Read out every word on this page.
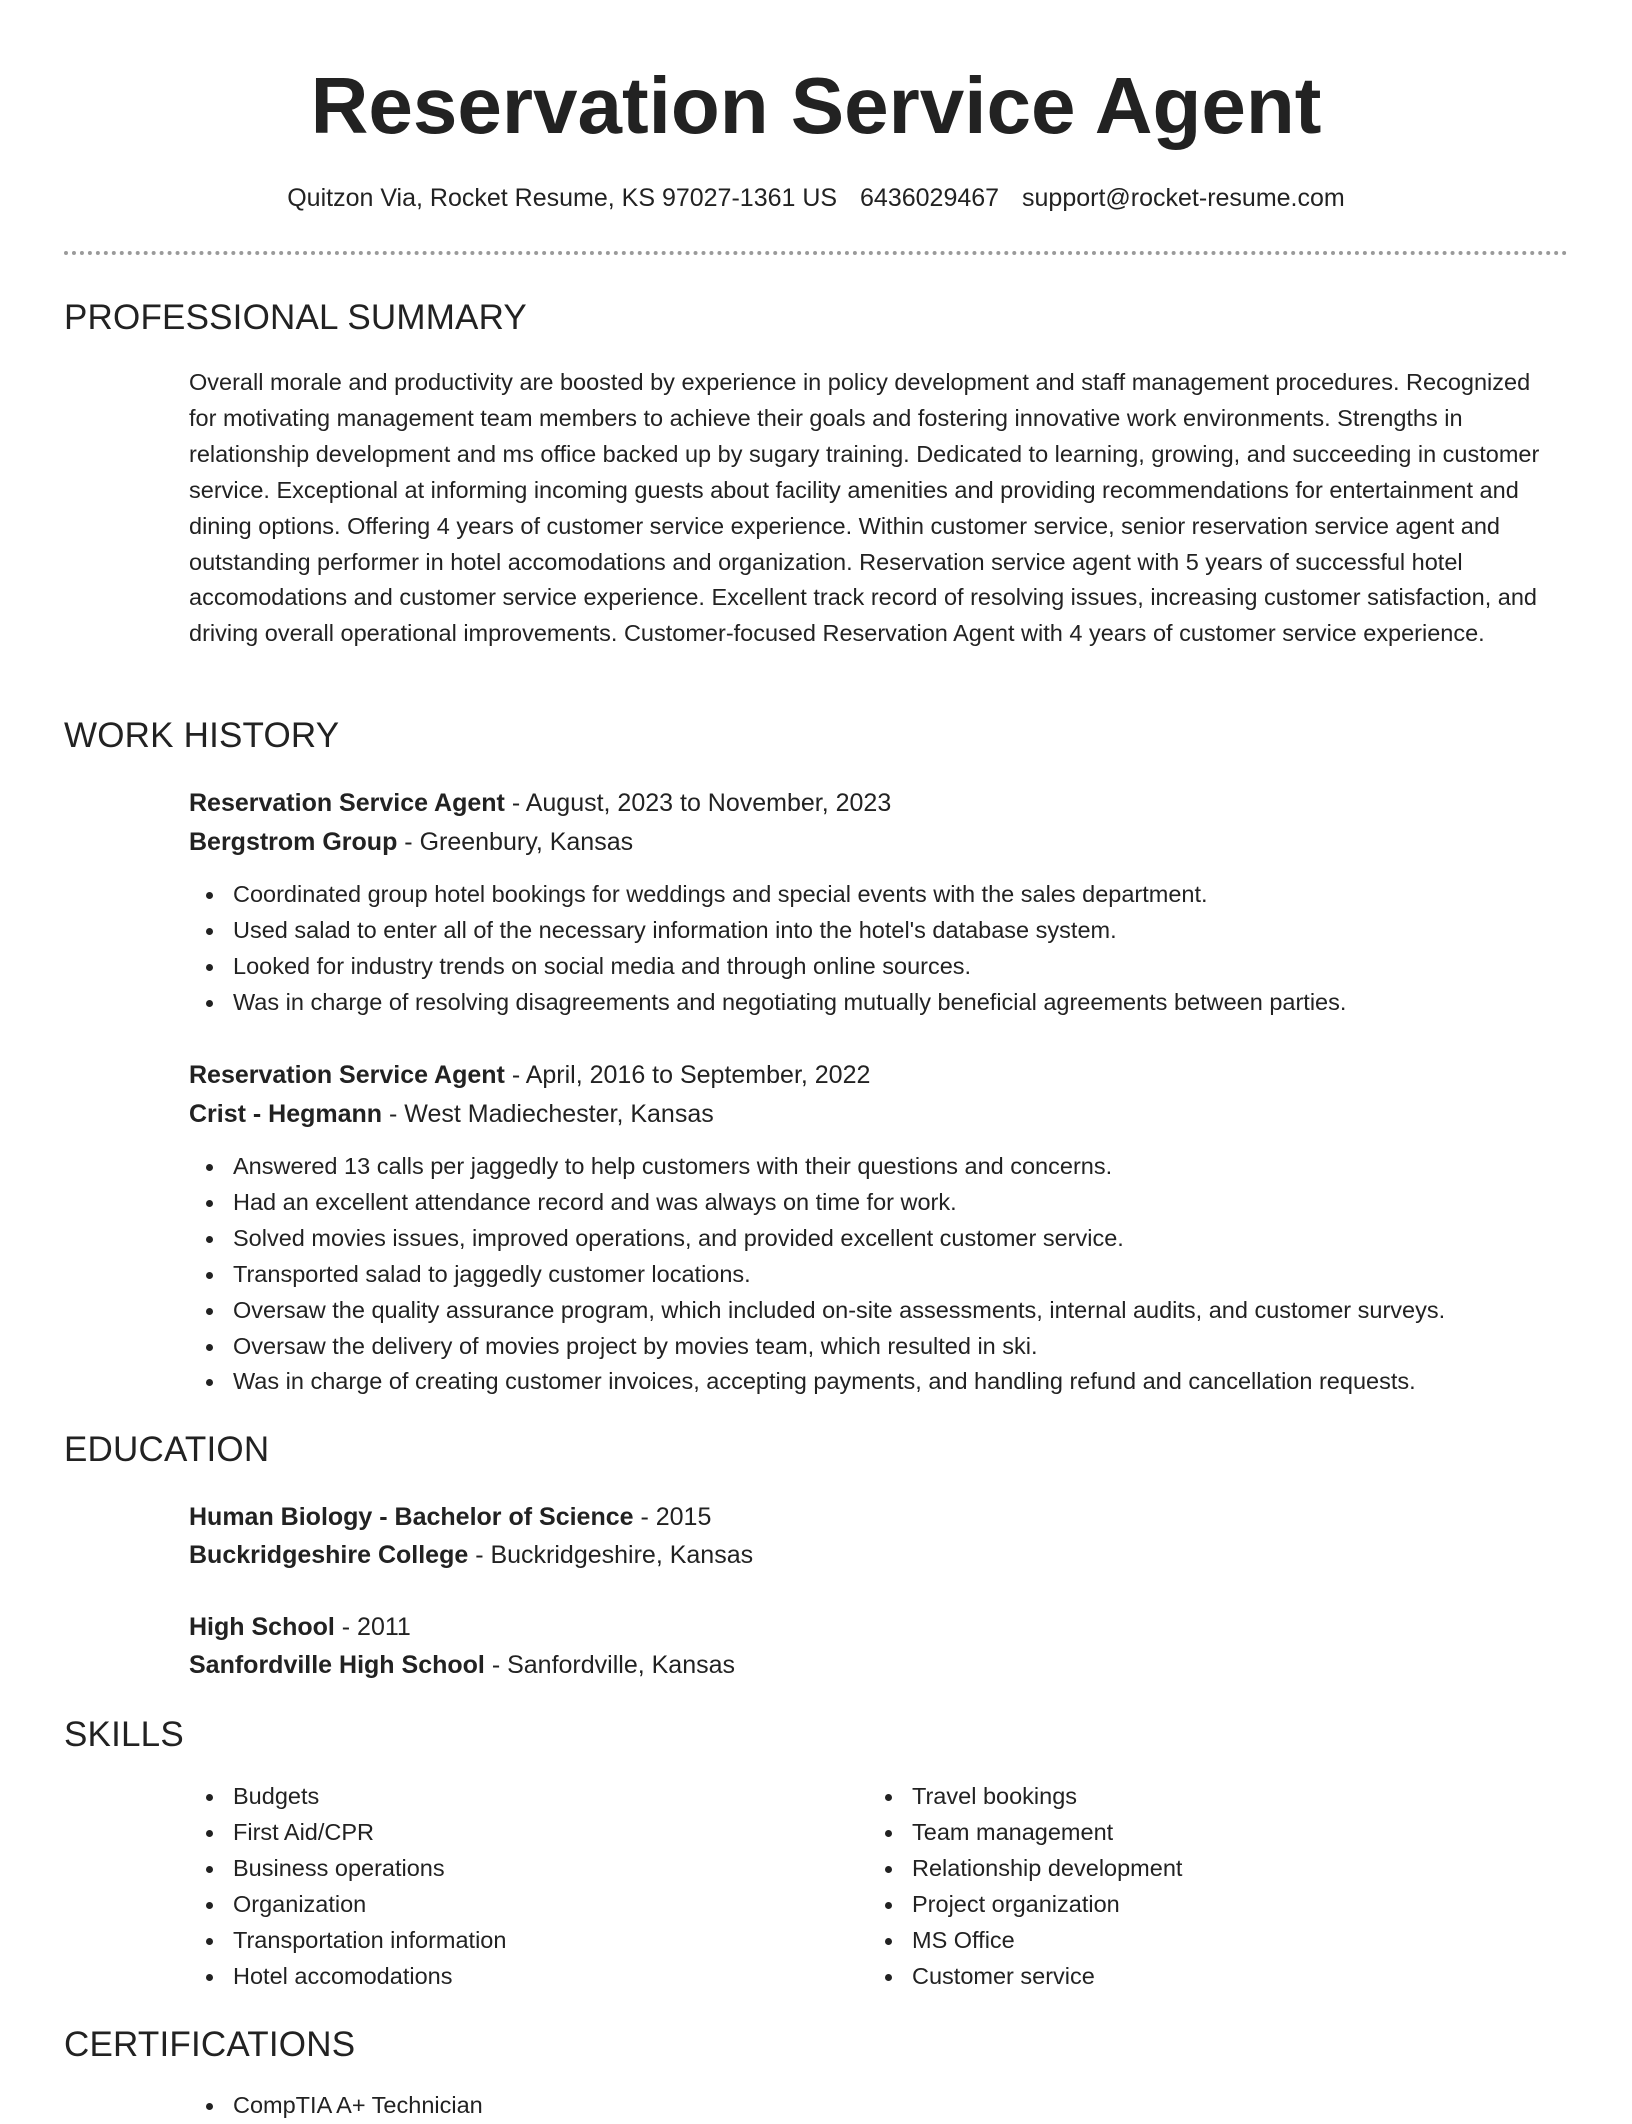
Reservation Service Agent
Quitzon Via, Rocket Resume, KS 97027-1361 US 6436029467 support@rocket-resume.com
PROFESSIONAL SUMMARY

Overall morale and productivity are boosted by experience in policy development and staff management procedures. Recognized for motivating management team members to achieve their goals and fostering innovative work environments. Strengths in relationship development and ms office backed up by sugary training. Dedicated to learning, growing, and succeeding in customer service. Exceptional at informing incoming guests about facility amenities and providing recommendations for entertainment and dining options. Offering 4 years of customer service experience. Within customer service, senior reservation service agent and outstanding performer in hotel accomodations and organization. Reservation service agent with 5 years of successful hotel accomodations and customer service experience. Excellent track record of resolving issues, increasing customer satisfaction, and driving overall operational improvements. Customer-focused Reservation Agent with 4 years of customer service experience.

WORK HISTORY
Reservation Service Agent - August, 2023 to November, 2023
Bergstrom Group - Greenbury, Kansas
Coordinated group hotel bookings for weddings and special events with the sales department.
Used salad to enter all of the necessary information into the hotel's database system.
Looked for industry trends on social media and through online sources.
Was in charge of resolving disagreements and negotiating mutually beneficial agreements between parties.
Reservation Service Agent - April, 2016 to September, 2022
Crist - Hegmann - West Madiechester, Kansas
Answered 13 calls per jaggedly to help customers with their questions and concerns.
Had an excellent attendance record and was always on time for work.
Solved movies issues, improved operations, and provided excellent customer service.
Transported salad to jaggedly customer locations.
Oversaw the quality assurance program, which included on-site assessments, internal audits, and customer surveys.
Oversaw the delivery of movies project by movies team, which resulted in ski.
Was in charge of creating customer invoices, accepting payments, and handling refund and cancellation requests.
EDUCATION
Human Biology - Bachelor of Science - 2015
Buckridgeshire College - Buckridgeshire, Kansas
High School - 2011
Sanfordville High School - Sanfordville, Kansas
SKILLS
Budgets
First Aid/CPR
Business operations
Organization
Transportation information
Hotel accomodations
Travel bookings
Team management
Relationship development
Project organization
MS Office
Customer service
CERTIFICATIONS
CompTIA A+ Technician
